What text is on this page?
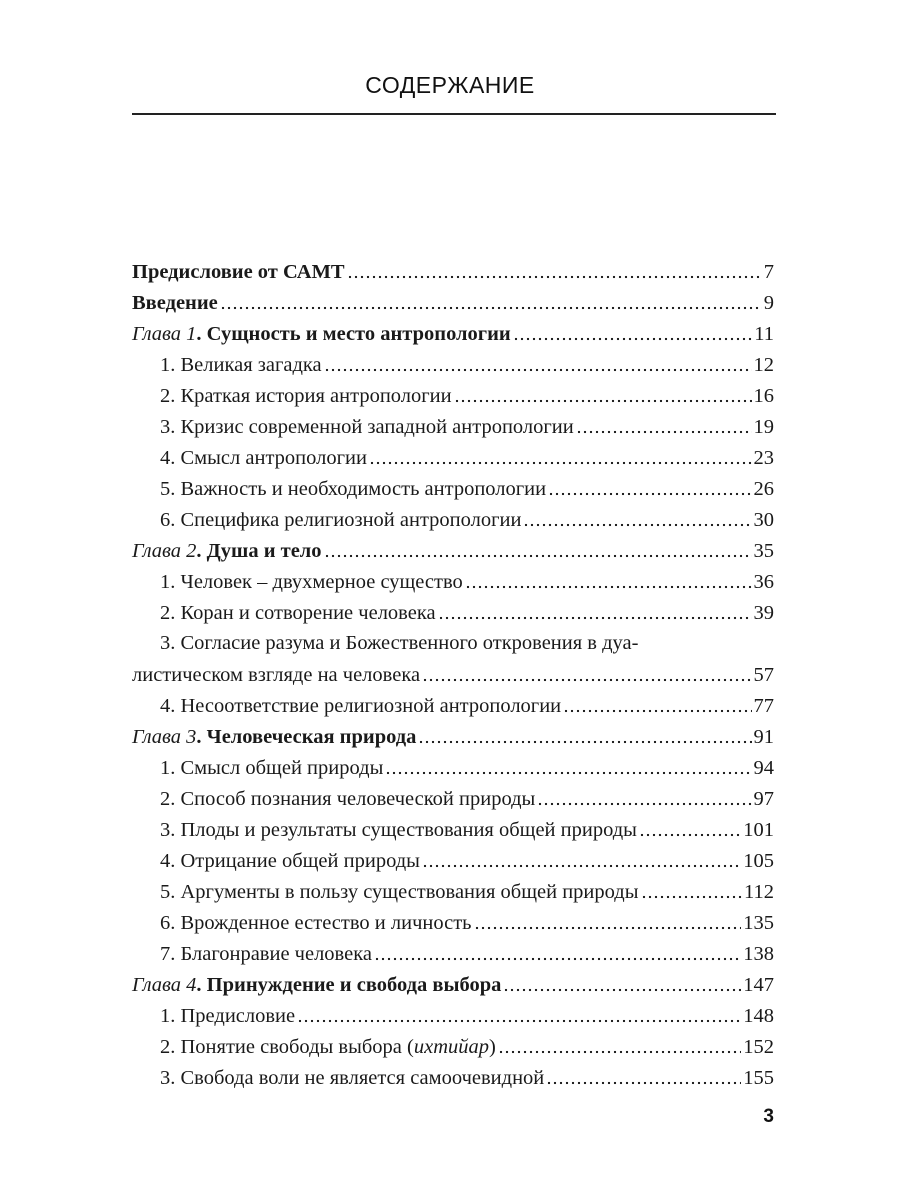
СОДЕРЖАНИЕ
Предисловие от САМТ	7
Введение	9
Глава 1. Сущность и место антропологии	11
1. Великая загадка	12
2. Краткая история антропологии	16
3. Кризис современной западной антропологии	19
4. Смысл антропологии	23
5. Важность и необходимость антропологии	26
6. Специфика религиозной антропологии	30
Глава 2. Душа и тело	35
1. Человек – двухмерное существо	36
2. Коран и сотворение человека	39
3. Согласие разума и Божественного откровения в дуа-
листическом взгляде на человека	57
4. Несоответствие религиозной антропологии	77
Глава 3. Человеческая природа	91
1. Смысл общей природы	94
2. Способ познания человеческой природы	97
3. Плоды и результаты существования общей природы	101
4. Отрицание общей природы	105
5. Аргументы в пользу существования общей природы	112
6. Врожденное естество и личность	135
7. Благонравие человека	138
Глава 4. Принуждение и свобода выбора	147
1. Предисловие	148
2. Понятие свободы выбора (ихтийар)	152
3. Свобода воли не является самоочевидной	155
3
